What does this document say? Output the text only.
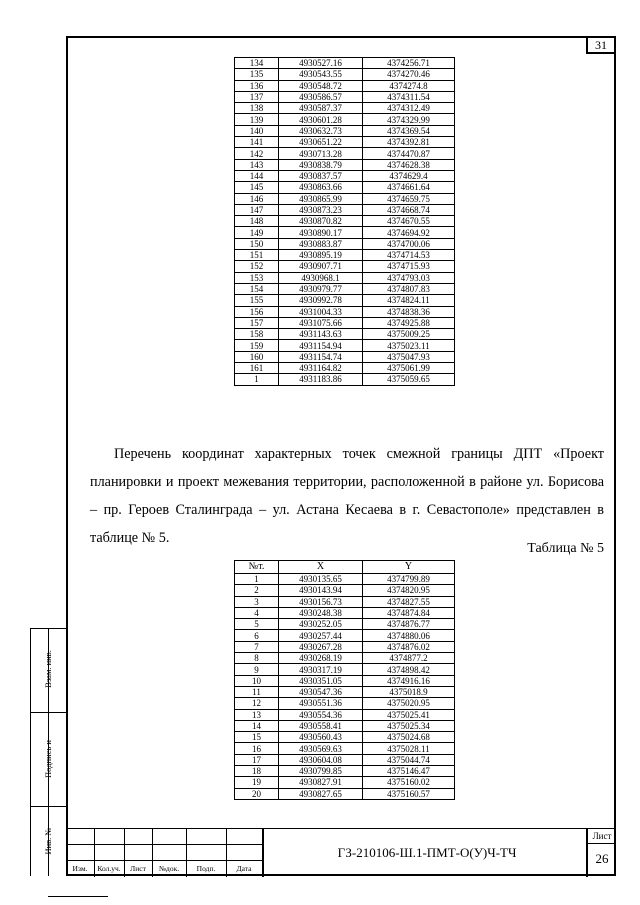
31
134	4930527.16	4374256.71
135	4930543.55	4374270.46
136	4930548.72	4374274.8
137	4930586.57	4374311.54
138	4930587.37	4374312.49
139	4930601.28	4374329.99
140	4930632.73	4374369.54
141	4930651.22	4374392.81
142	4930713.28	4374470.87
143	4930838.79	4374628.38
144	4930837.57	4374629.4
145	4930863.66	4374661.64
146	4930865.99	4374659.75
147	4930873.23	4374668.74
148	4930870.82	4374670.55
149	4930890.17	4374694.92
150	4930883.87	4374700.06
151	4930895.19	4374714.53
152	4930907.71	4374715.93
153	4930968.1	4374793.03
154	4930979.77	4374807.83
155	4930992.78	4374824.11
156	4931004.33	4374838.36
157	4931075.66	4374925.88
158	4931143.63	4375009.25
159	4931154.94	4375023.11
160	4931154.74	4375047.93
161	4931164.82	4375061.99
1	4931183.86	4375059.65
Перечень координат характерных точек смежной границы ДПТ «Проект планировки и проект межевания территории, расположенной в районе ул. Борисова – пр. Героев Сталинграда – ул. Астана Кесаева в г. Севастополе» представлен в таблице № 5.
Таблица № 5
№т.	X	Y
1	4930135.65	4374799.89
2	4930143.94	4374820.95
3	4930156.73	4374827.55
4	4930248.38	4374874.84
5	4930252.05	4374876.77
6	4930257.44	4374880.06
7	4930267.28	4374876.02
8	4930268.19	4374877.2
9	4930317.19	4374898.42
10	4930351.05	4374916.16
11	4930547.36	4375018.9
12	4930551.36	4375020.95
13	4930554.36	4375025.41
14	4930558.41	4375025.34
15	4930560.43	4375024.68
16	4930569.63	4375028.11
17	4930604.08	4375044.74
18	4930799.85	4375146.47
19	4930827.91	4375160.02
20	4930827.65	4375160.57
Взам. инв.
Подпись и
Инв. №
Изм.	Кол.уч.	Лист	№док.	Подп.	Дата
ГЗ-210106-Ш.1-ПМТ-О(У)Ч-ТЧ
Лист
26
